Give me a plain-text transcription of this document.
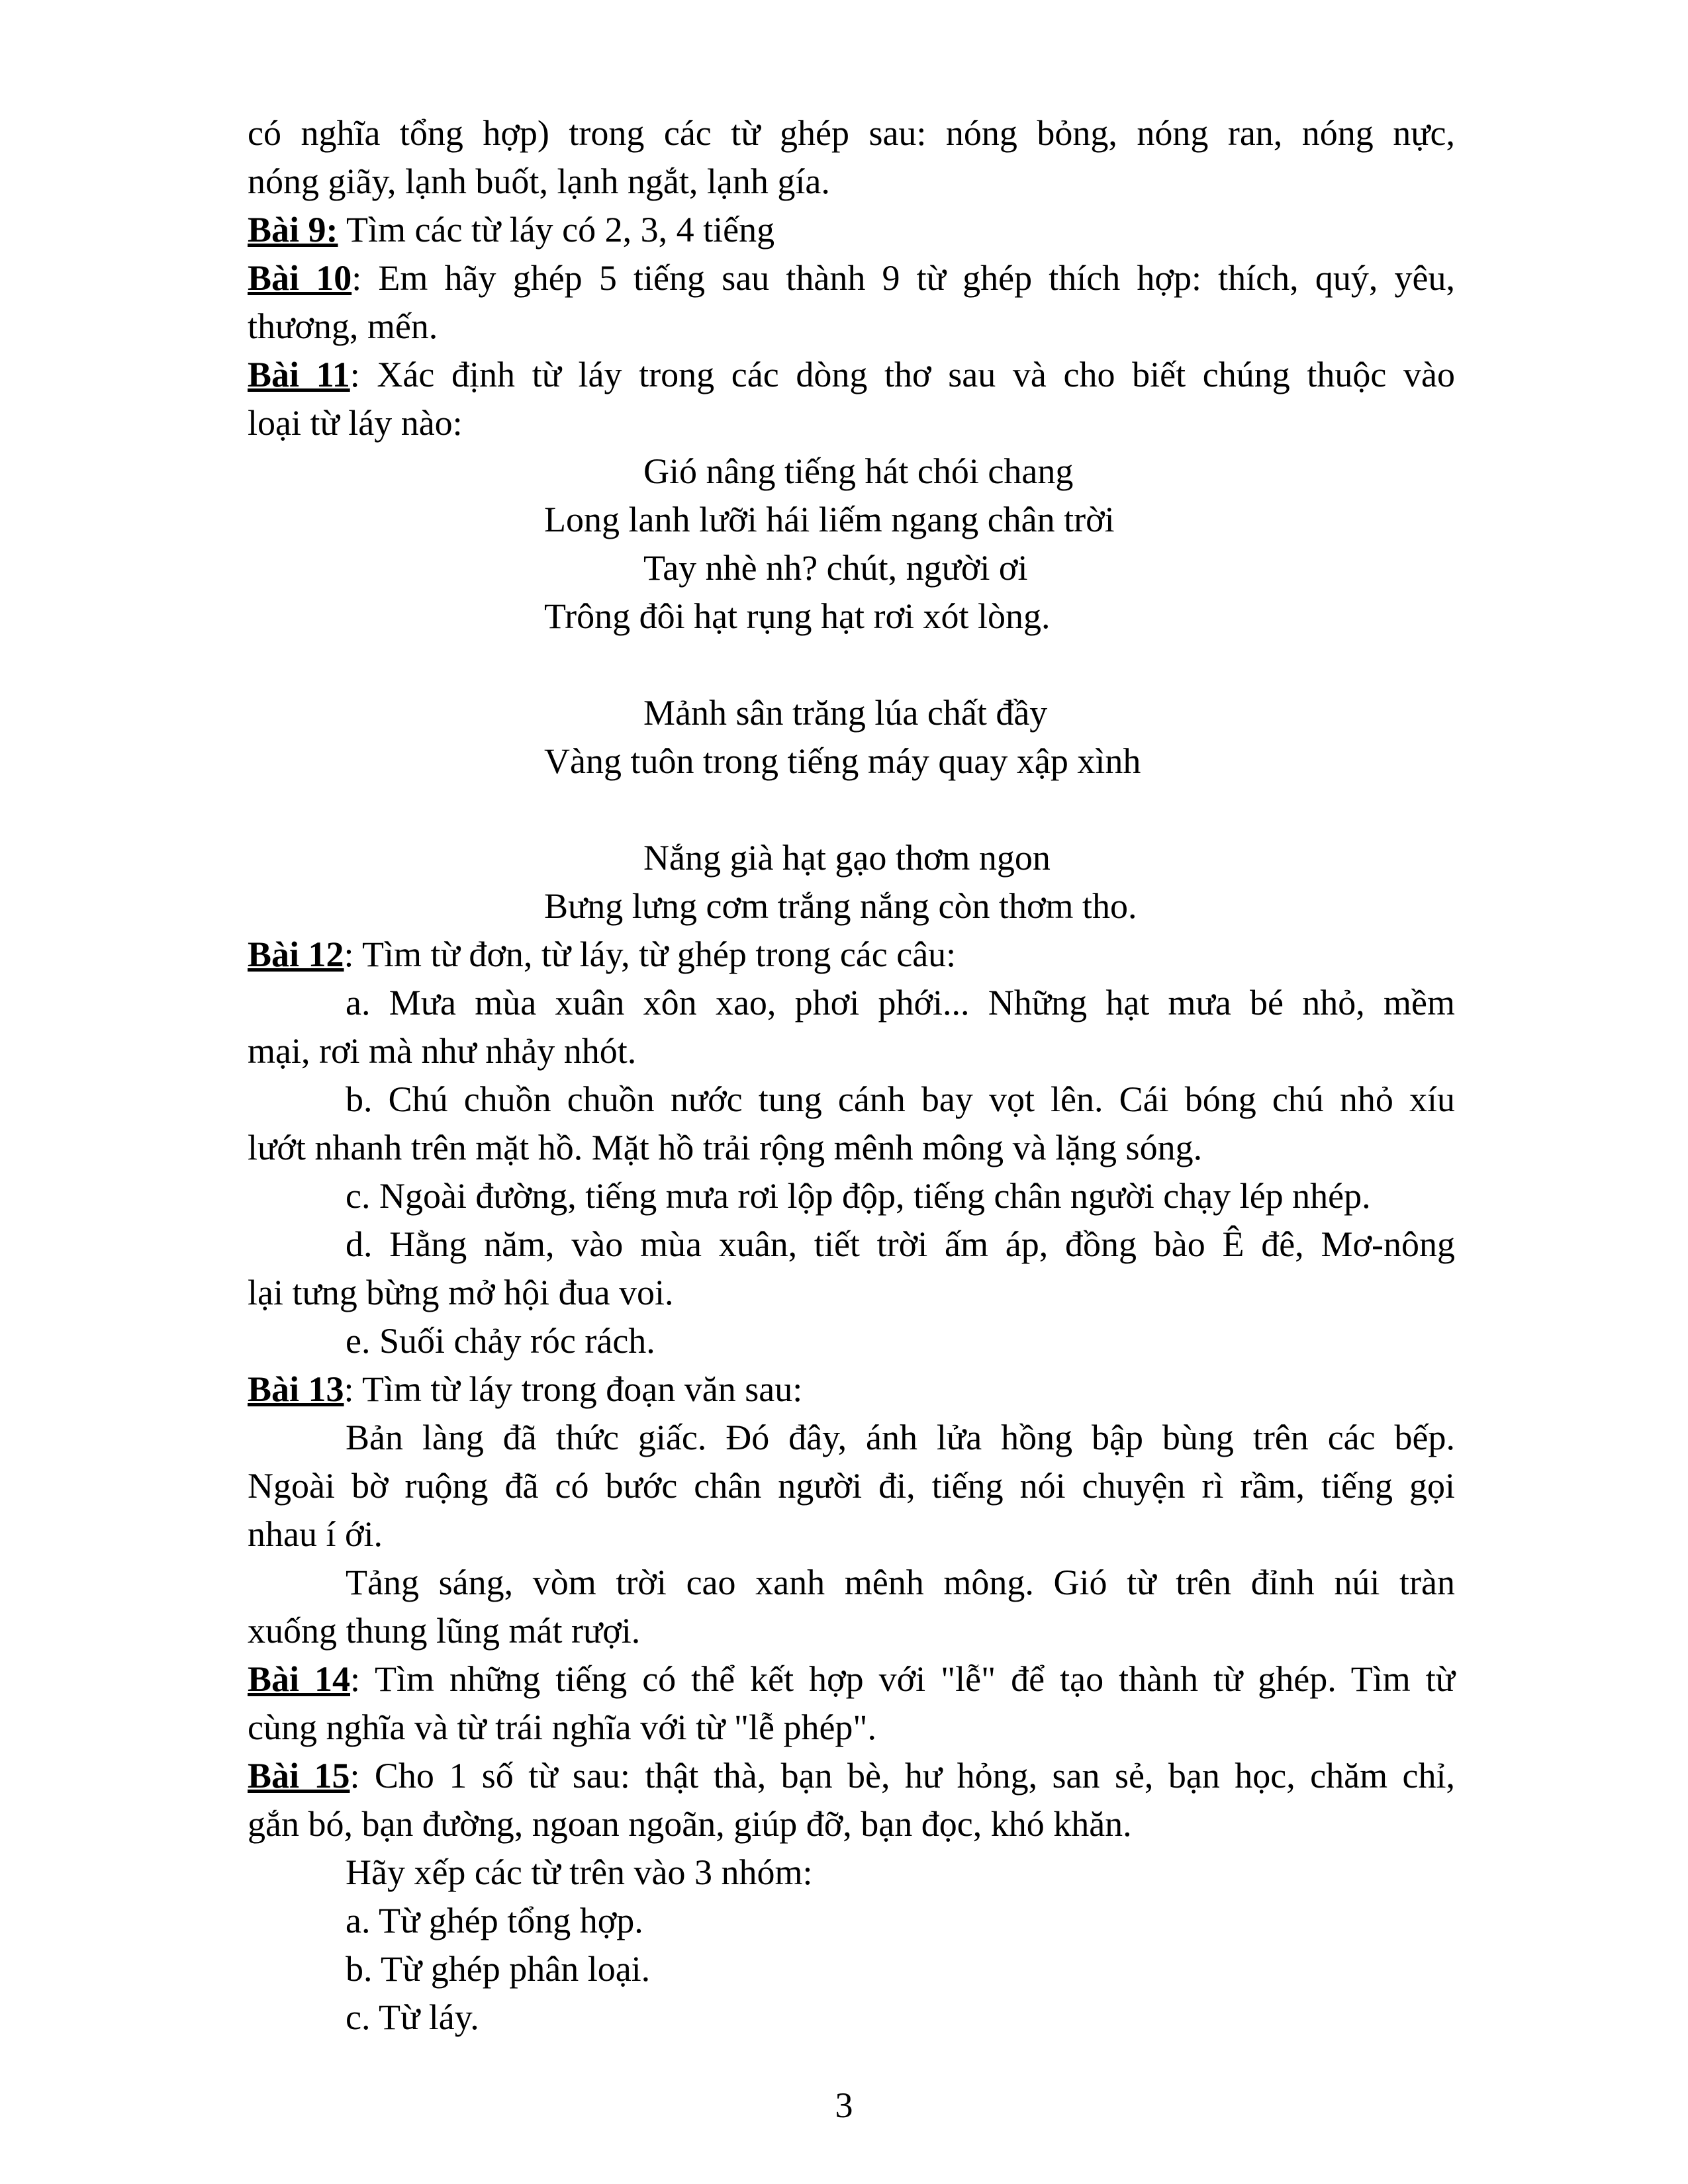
có nghĩa tổng hợp) trong các từ ghép sau: nóng bỏng, nóng ran, nóng nực,
nóng giãy, lạnh buốt, lạnh ngắt, lạnh gía.
Bài 9: Tìm các từ láy có 2, 3, 4 tiếng
Bài 10: Em hãy ghép 5 tiếng sau thành 9 từ ghép thích hợp: thích, quý, yêu,
thương, mến.
Bài 11: Xác định từ láy trong các dòng thơ sau và cho biết chúng thuộc vào
loại từ láy nào:
Gió nâng tiếng hát chói chang
Long lanh lưỡi hái liếm ngang chân trời
Tay nhè nh? chút, người ơi
Trông đôi hạt rụng hạt rơi xót lòng.
Mảnh sân trăng lúa chất đầy
Vàng tuôn trong tiếng máy quay xập xình
Nắng già hạt gạo thơm ngon
Bưng lưng cơm trắng nắng còn thơm tho.
Bài 12: Tìm từ đơn, từ láy, từ ghép trong các câu:
a. Mưa mùa xuân xôn xao, phơi phới... Những hạt mưa bé nhỏ, mềm
mại, rơi mà như nhảy nhót.
b. Chú chuồn chuồn nước tung cánh bay vọt lên. Cái bóng chú nhỏ xíu
lướt nhanh trên mặt hồ. Mặt hồ trải rộng mênh mông và lặng sóng.
c. Ngoài đường, tiếng mưa rơi lộp độp, tiếng chân người chạy lép nhép.
d. Hằng năm, vào mùa xuân, tiết trời ấm áp, đồng bào Ê đê, Mơ-nông
lại tưng bừng mở hội đua voi.
e. Suối chảy róc rách.
Bài 13: Tìm từ láy trong đoạn văn sau:
Bản làng đã thức giấc. Đó đây, ánh lửa hồng bập bùng trên các bếp.
Ngoài bờ ruộng đã có bước chân người đi, tiếng nói chuyện rì rầm, tiếng gọi
nhau í ới.
Tảng sáng, vòm trời cao xanh mênh mông. Gió từ trên đỉnh núi tràn
xuống thung lũng mát rượi.
Bài 14: Tìm những tiếng có thể kết hợp với "lễ" để tạo thành từ ghép. Tìm từ
cùng nghĩa và từ trái nghĩa với từ "lễ phép".
Bài 15: Cho 1 số từ sau: thật thà, bạn bè, hư hỏng, san sẻ, bạn học, chăm chỉ,
gắn bó, bạn đường, ngoan ngoãn, giúp đỡ, bạn đọc, khó khăn.
Hãy xếp các từ trên vào 3 nhóm:
a. Từ ghép tổng hợp.
b. Từ ghép phân loại.
c. Từ láy.
3
